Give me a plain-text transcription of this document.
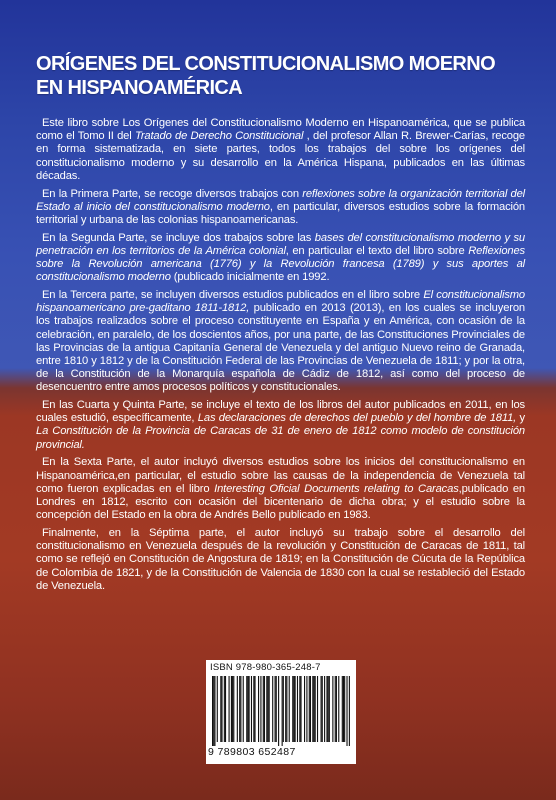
ORÍGENES DEL CONSTITUCIONALISMO MOERNO EN HISPANOAMÉRICA

Este libro sobre Los Orígenes del Constitucionalismo Moderno en Hispanoamérica, que se publica como el Tomo II del Tratado de Derecho Constitucional , del profesor Allan R. Brewer-Carías, recoge en forma sistematizada, en siete partes, todos los trabajos del sobre los orígenes del constitucionalismo moderno y su desarrollo en la América Hispana, publicados en las últimas décadas.

En la Primera Parte, se recoge diversos trabajos con reflexiones sobre la organización territorial del Estado al inicio del constitucionalismo moderno, en particular, diversos estudios sobre la formación territorial y urbana de las colonias hispanoamericanas.

En la Segunda Parte, se incluye dos trabajos sobre las bases del constitucionalismo moderno y su penetración en los territorios de la América colonial, en particular el texto del libro sobre Reflexiones sobre la Revolución americana (1776) y la Revolución francesa (1789) y sus aportes al constitucionalismo moderno (publicado inicialmente en 1992.

En la Tercera parte, se incluyen diversos estudios publicados en el libro sobre El constitucionalismo hispanoamericano pre-gaditano 1811-1812, publicado en 2013 (2013), en los cuales se incluyeron los trabajos realizados sobre el proceso constituyente en España y en América, con ocasión de la celebración, en paralelo, de los doscientos años, por una parte, de las Constituciones Provinciales de las Provincias de la antigua Capitanía General de Venezuela y del antiguo Nuevo reino de Granada, entre 1810 y 1812 y de la Constitución Federal de las Provincias de Venezuela de 1811; y por la otra, de la Constitución de la Monarquía española de Cádiz de 1812, así como del proceso de desencuentro entre amos procesos políticos y constitucionales.

En las Cuarta y Quinta Parte, se incluye el texto de los libros del autor publicados en 2011, en los cuales estudió, específicamente, Las declaraciones de derechos del pueblo y del hombre de 1811, y La Constitución de la Provincia de Caracas de 31 de enero de 1812 como modelo de constitución provincial.

En la Sexta Parte, el autor incluyó diversos estudios sobre los inicios del constitucionalismo en Hispanoamérica,en particular, el estudio sobre las causas de la independencia de Venezuela tal como fueron explicadas en el libro Interesting Oficial Documents relating to Caracas,publicado en Londres en 1812, escrito con ocasión del bicentenario de dicha obra; y el estudio sobre la concepción del Estado en la obra de Andrés Bello publicado en 1983.

Finalmente, en la Séptima parte, el autor incluyó su trabajo sobre el desarrollo del constitucionalismo en Venezuela después de la revolución y Constitución de Caracas de 1811, tal como se reflejó en Constitución de Angostura de 1819; en la Constitución de Cúcuta de la República de Colombia de 1821, y de la Constitución de Valencia de 1830 con la cual se restableció del Estado de Venezuela.

ISBN 978-980-365-248-7
9 789803 652487
